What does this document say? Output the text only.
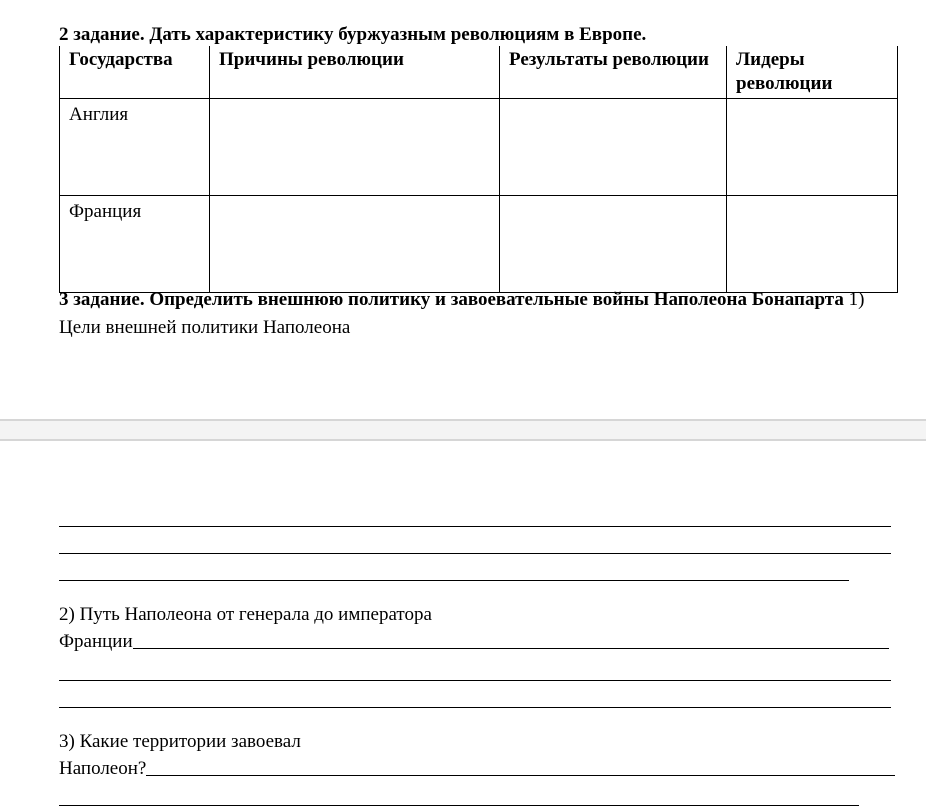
2 задание. Дать характеристику буржуазным революциям в Европе.
Государства	Причины революции	Результаты революции	Лидеры революции
Англия			
Франция			
3 задание. Определить внешнюю политику и завоевательные войны Наполеона Бонапарта 1) Цели внешней политики Наполеона
2) Путь Наполеона от генерала до императора
Франции
3) Какие территории завоевал
Наполеон?
